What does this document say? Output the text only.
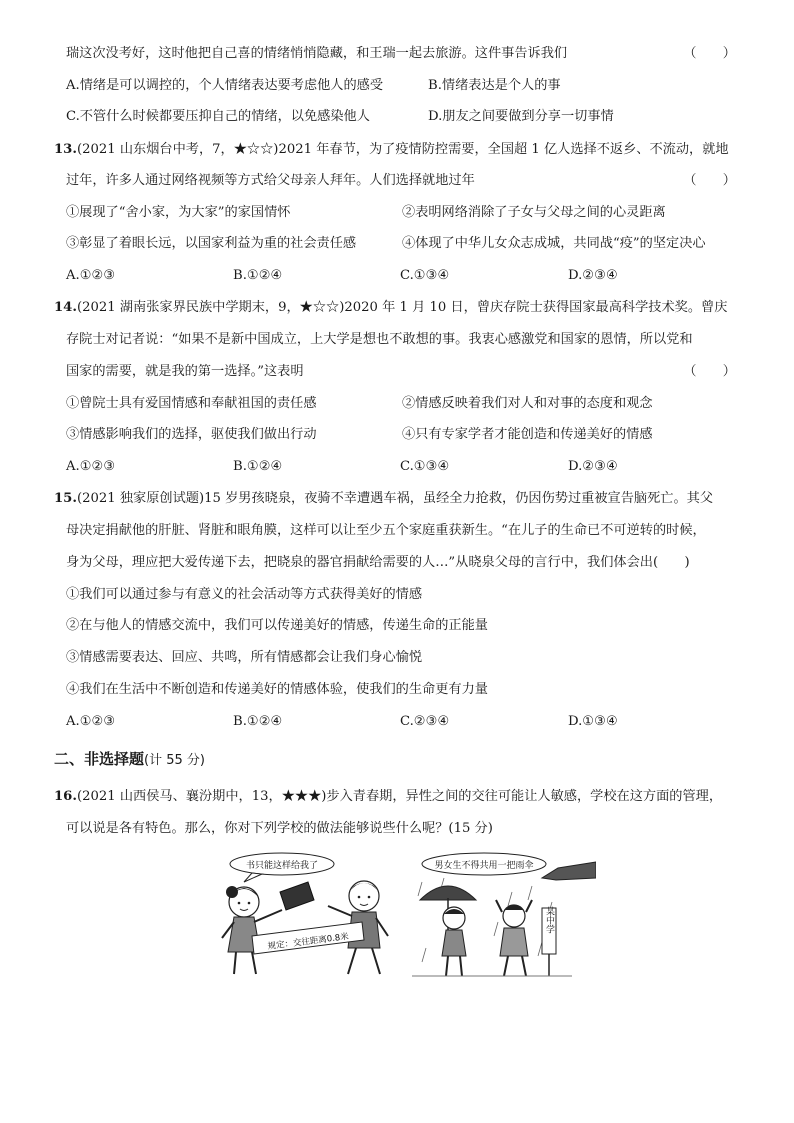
瑞这次没考好，这时他把自己喜的情绪悄悄隐藏，和王瑞一起去旅游。这件事告诉我们	（　　）
A.情绪是可以调控的，个人情绪表达要考虑他人的感受	B.情绪表达是个人的事
C.不管什么时候都要压抑自己的情绪，以免感染他人	D.朋友之间要做到分享一切事情
13.(2021 山东烟台中考，7，★☆☆)2021 年春节，为了疫情防控需要，全国超 1 亿人选择不返乡、不流动，就地
过年，许多人通过网络视频等方式给父母亲人拜年。人们选择就地过年	（　　）
①展现了“舍小家，为大家”的家国情怀	②表明网络消除了子女与父母之间的心灵距离
③彰显了着眼长远，以国家利益为重的社会责任感	④体现了中华儿女众志成城，共同战“疫”的坚定决心
A.①②③	B.①②④	C.①③④	D.②③④
14.(2021 湖南张家界民族中学期末，9，★☆☆)2020 年 1 月 10 日，曾庆存院士获得国家最高科学技术奖。曾庆
存院士对记者说：“如果不是新中国成立，上大学是想也不敢想的事。我衷心感激党和国家的恩情，所以党和
国家的需要，就是我的第一选择。”这表明	（　　）
①曾院士具有爱国情感和奉献祖国的责任感	②情感反映着我们对人和对事的态度和观念
③情感影响我们的选择，驱使我们做出行动	④只有专家学者才能创造和传递美好的情感
A.①②③	B.①②④	C.①③④	D.②③④
15.(2021 独家原创试题)15 岁男孩晓泉，夜骑不幸遭遇车祸，虽经全力抢救，仍因伤势过重被宣告脑死亡。其父
母决定捐献他的肝脏、肾脏和眼角膜，这样可以让至少五个家庭重获新生。“在儿子的生命已不可逆转的时候，
身为父母，理应把大爱传递下去，把晓泉的器官捐献给需要的人…”从晓泉父母的言行中，我们体会出(　　)
①我们可以通过参与有意义的社会活动等方式获得美好的情感
②在与他人的情感交流中，我们可以传递美好的情感，传递生命的正能量
③情感需要表达、回应、共鸣，所有情感都会让我们身心愉悦
④我们在生活中不断创造和传递美好的情感体验，使我们的生命更有力量
A.①②③	B.①②④	C.②③④	D.①③④
二、非选择题(计 55 分)
16.(2021 山西侯马、襄汾期中，13，★★★)步入青春期，异性之间的交往可能让人敏感，学校在这方面的管理，
可以说是各有特色。那么，你对下列学校的做法能够说些什么呢？(15 分)
书只能这样给我了
规定：交往距离0.8米
男女生不得共用一把雨伞
某中学
